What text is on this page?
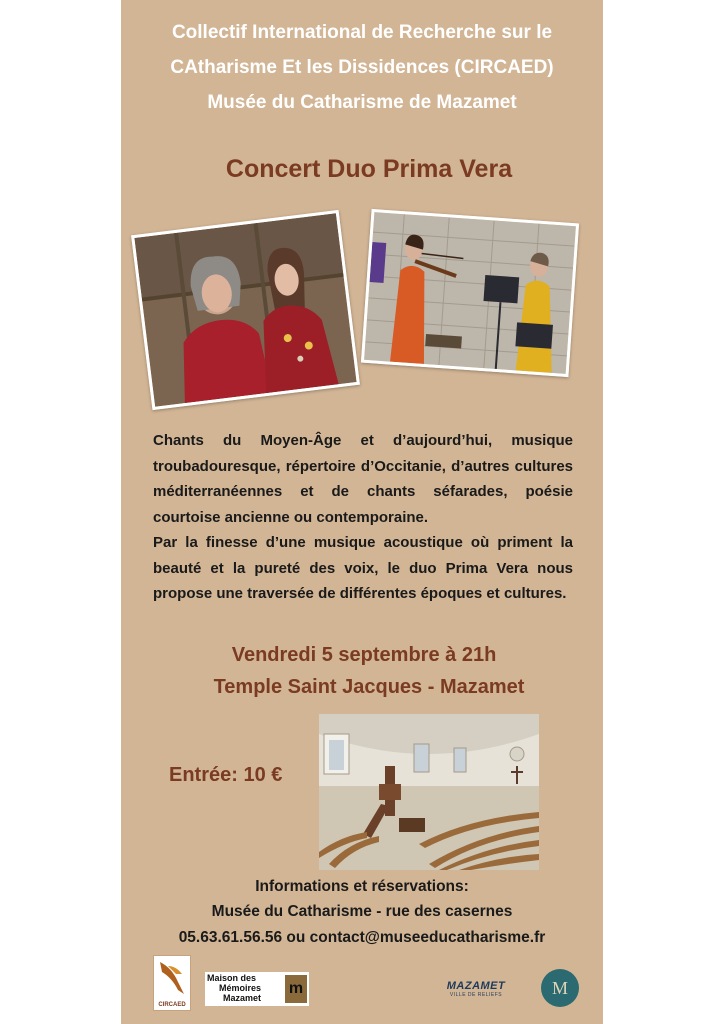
Collectif International de Recherche sur le
CAtharisme Et les Dissidences (CIRCAED)
Musée du Catharisme de Mazamet
Concert Duo Prima Vera

Chants du Moyen-Âge et d’aujourd’hui, musique troubadouresque, répertoire d’Occitanie, d’autres cultures méditerranéennes et de chants séfarades, poésie courtoise ancienne ou contemporaine.

Par la finesse d’une musique acoustique où priment la beauté et la pureté des voix, le duo Prima Vera nous propose une traversée de différentes époques et cultures.

Vendredi 5 septembre à 21h
Temple Saint Jacques - Mazamet
Entrée: 10 €
Informations et réservations:
Musée du Catharisme - rue des casernes
05.63.61.56.56 ou contact@museeducatharisme.fr
CIRCAED
Maison des
Mémoires
Mazamet
m	MAZAMET
VILLE DE RELIEFS	M
